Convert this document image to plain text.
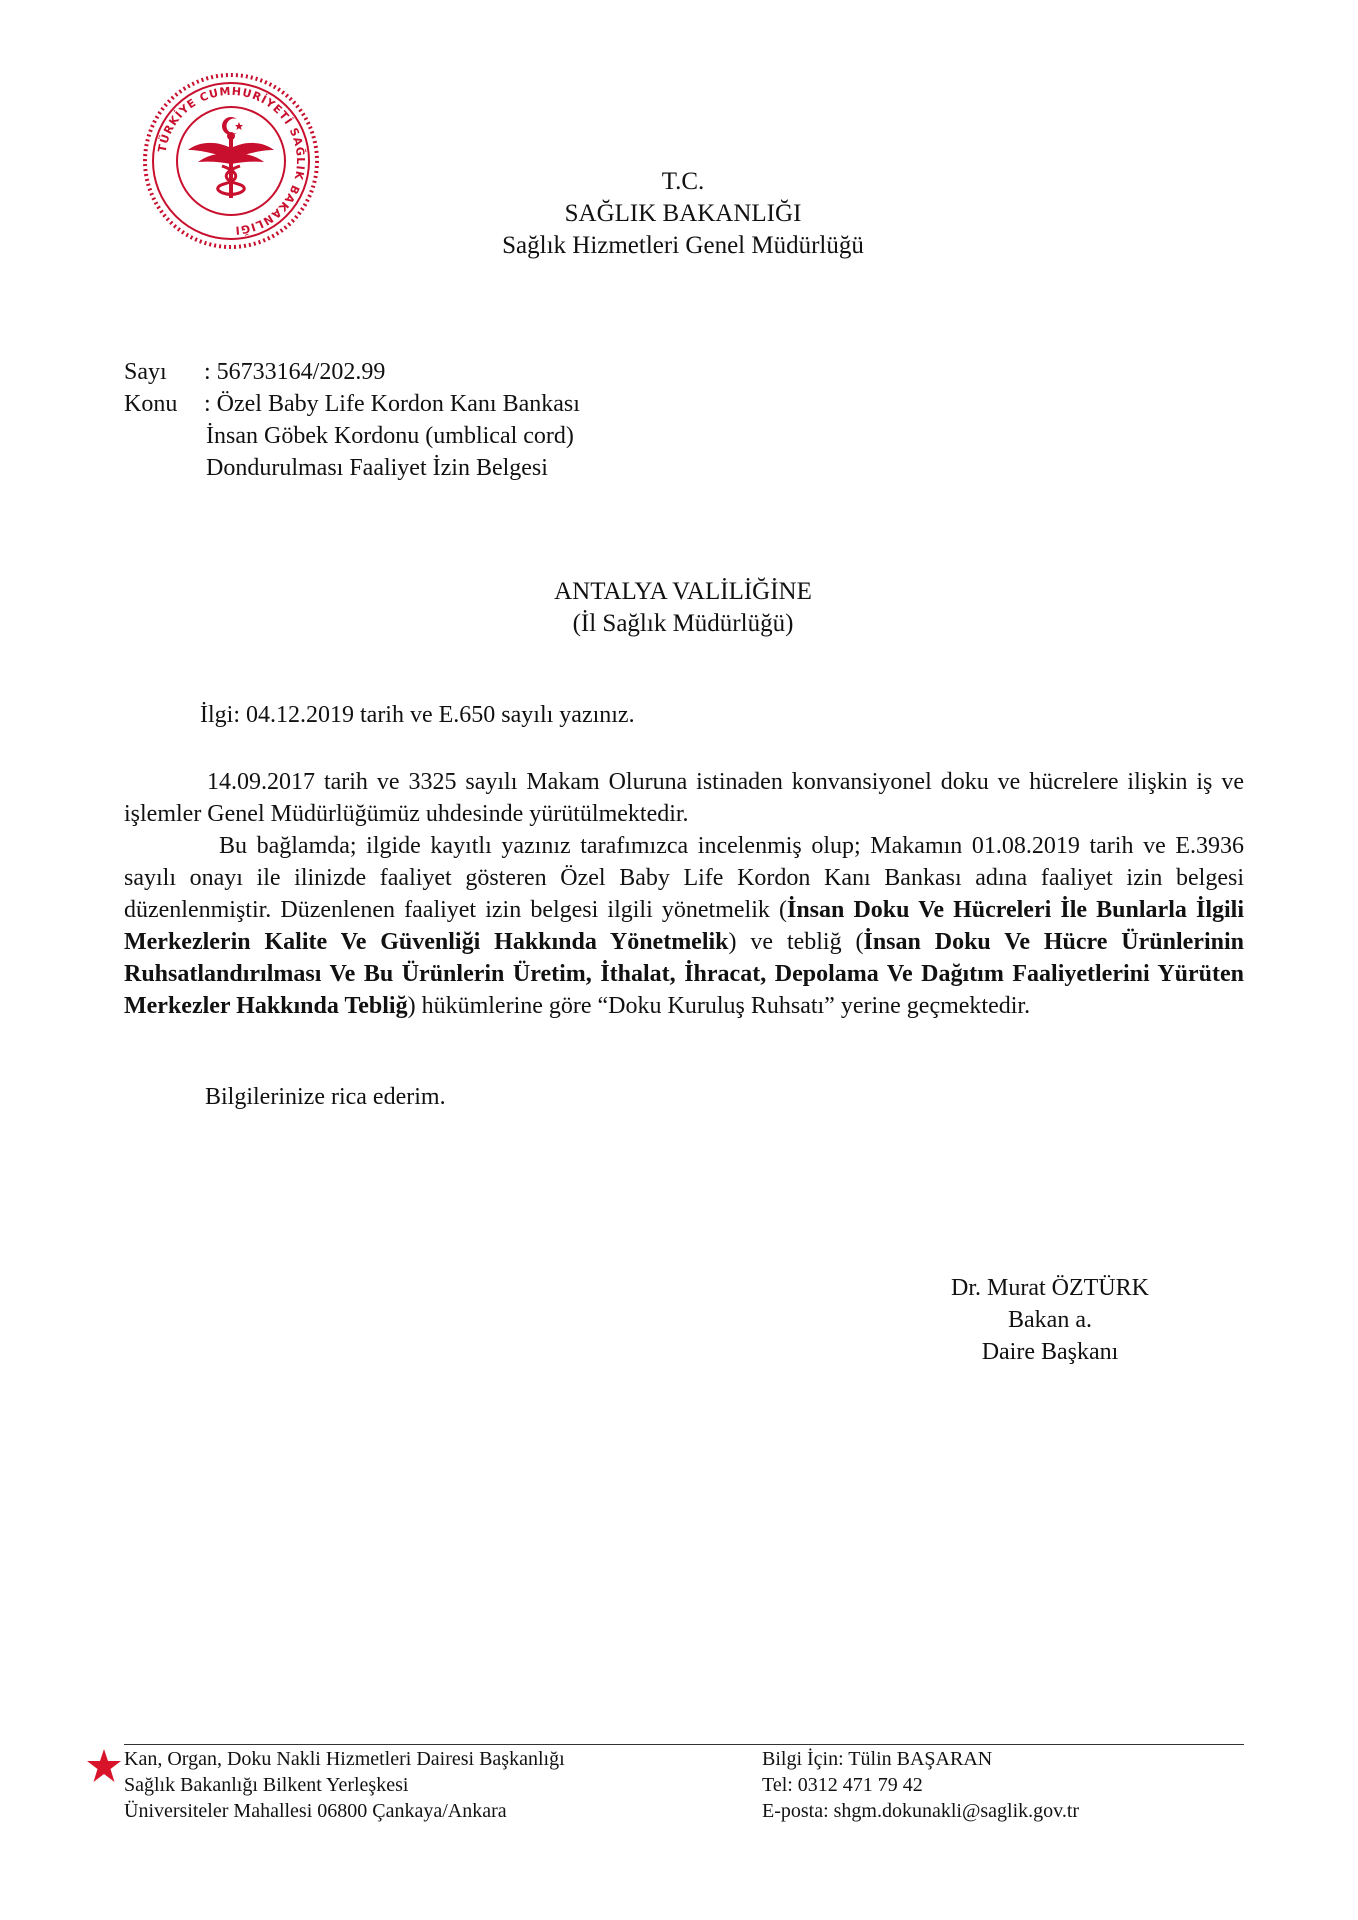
TÜRKİYE CUMHURİYETİ SAĞLIK BAKANLIĞI
T.C.
SAĞLIK BAKANLIĞI
Sağlık Hizmetleri Genel Müdürlüğü
Sayı : 56733164/202.99
Konu : Özel Baby Life Kordon Kanı Bankası
İnsan Göbek Kordonu (umblical cord)
Dondurulması Faaliyet İzin Belgesi
ANTALYA VALİLİĞİNE
(İl Sağlık Müdürlüğü)
İlgi: 04.12.2019 tarih ve E.650 sayılı yazınız.

14.09.2017 tarih ve 3325 sayılı Makam Oluruna istinaden konvansiyonel doku ve hücrelere ilişkin iş ve işlemler Genel Müdürlüğümüz uhdesinde yürütülmektedir.

Bu bağlamda; ilgide kayıtlı yazınız tarafımızca incelenmiş olup; Makamın 01.08.2019 tarih ve E.3936 sayılı onayı ile ilinizde faaliyet gösteren Özel Baby Life Kordon Kanı Bankası adına faaliyet izin belgesi düzenlenmiştir. Düzenlenen faaliyet izin belgesi ilgili yönetmelik (İnsan Doku Ve Hücreleri İle Bunlarla İlgili Merkezlerin Kalite Ve Güvenliği Hakkında Yönetmelik) ve tebliğ (İnsan Doku Ve Hücre Ürünlerinin Ruhsatlandırılması Ve Bu Ürünlerin Üretim, İthalat, İhracat, Depolama Ve Dağıtım Faaliyetlerini Yürüten Merkezler Hakkında Tebliğ) hükümlerine göre “Doku Kuruluş Ruhsatı” yerine geçmektedir.

Bilgilerinize rica ederim.
Dr. Murat ÖZTÜRK
Bakan a.
Daire Başkanı
Kan, Organ, Doku Nakli Hizmetleri Dairesi Başkanlığı
Sağlık Bakanlığı Bilkent Yerleşkesi
Üniversiteler Mahallesi 06800 Çankaya/Ankara
Bilgi İçin: Tülin BAŞARAN
Tel: 0312 471 79 42
E-posta: shgm.dokunakli@saglik.gov.tr
